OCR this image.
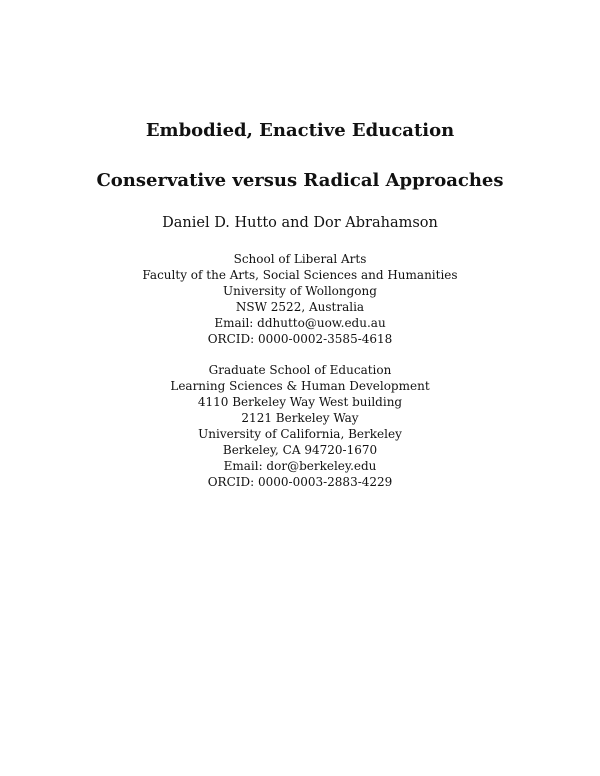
Embodied, Enactive Education
Conservative versus Radical Approaches
Daniel D. Hutto and Dor Abrahamson
School of Liberal Arts
Faculty of the Arts, Social Sciences and Humanities
University of Wollongong
NSW 2522, Australia
Email: ddhutto@uow.edu.au
ORCID: 0000-0002-3585-4618
Graduate School of Education
Learning Sciences & Human Development
4110 Berkeley Way West building
2121 Berkeley Way
University of California, Berkeley
Berkeley, CA 94720-1670
Email: dor@berkeley.edu
ORCID: 0000-0003-2883-4229
